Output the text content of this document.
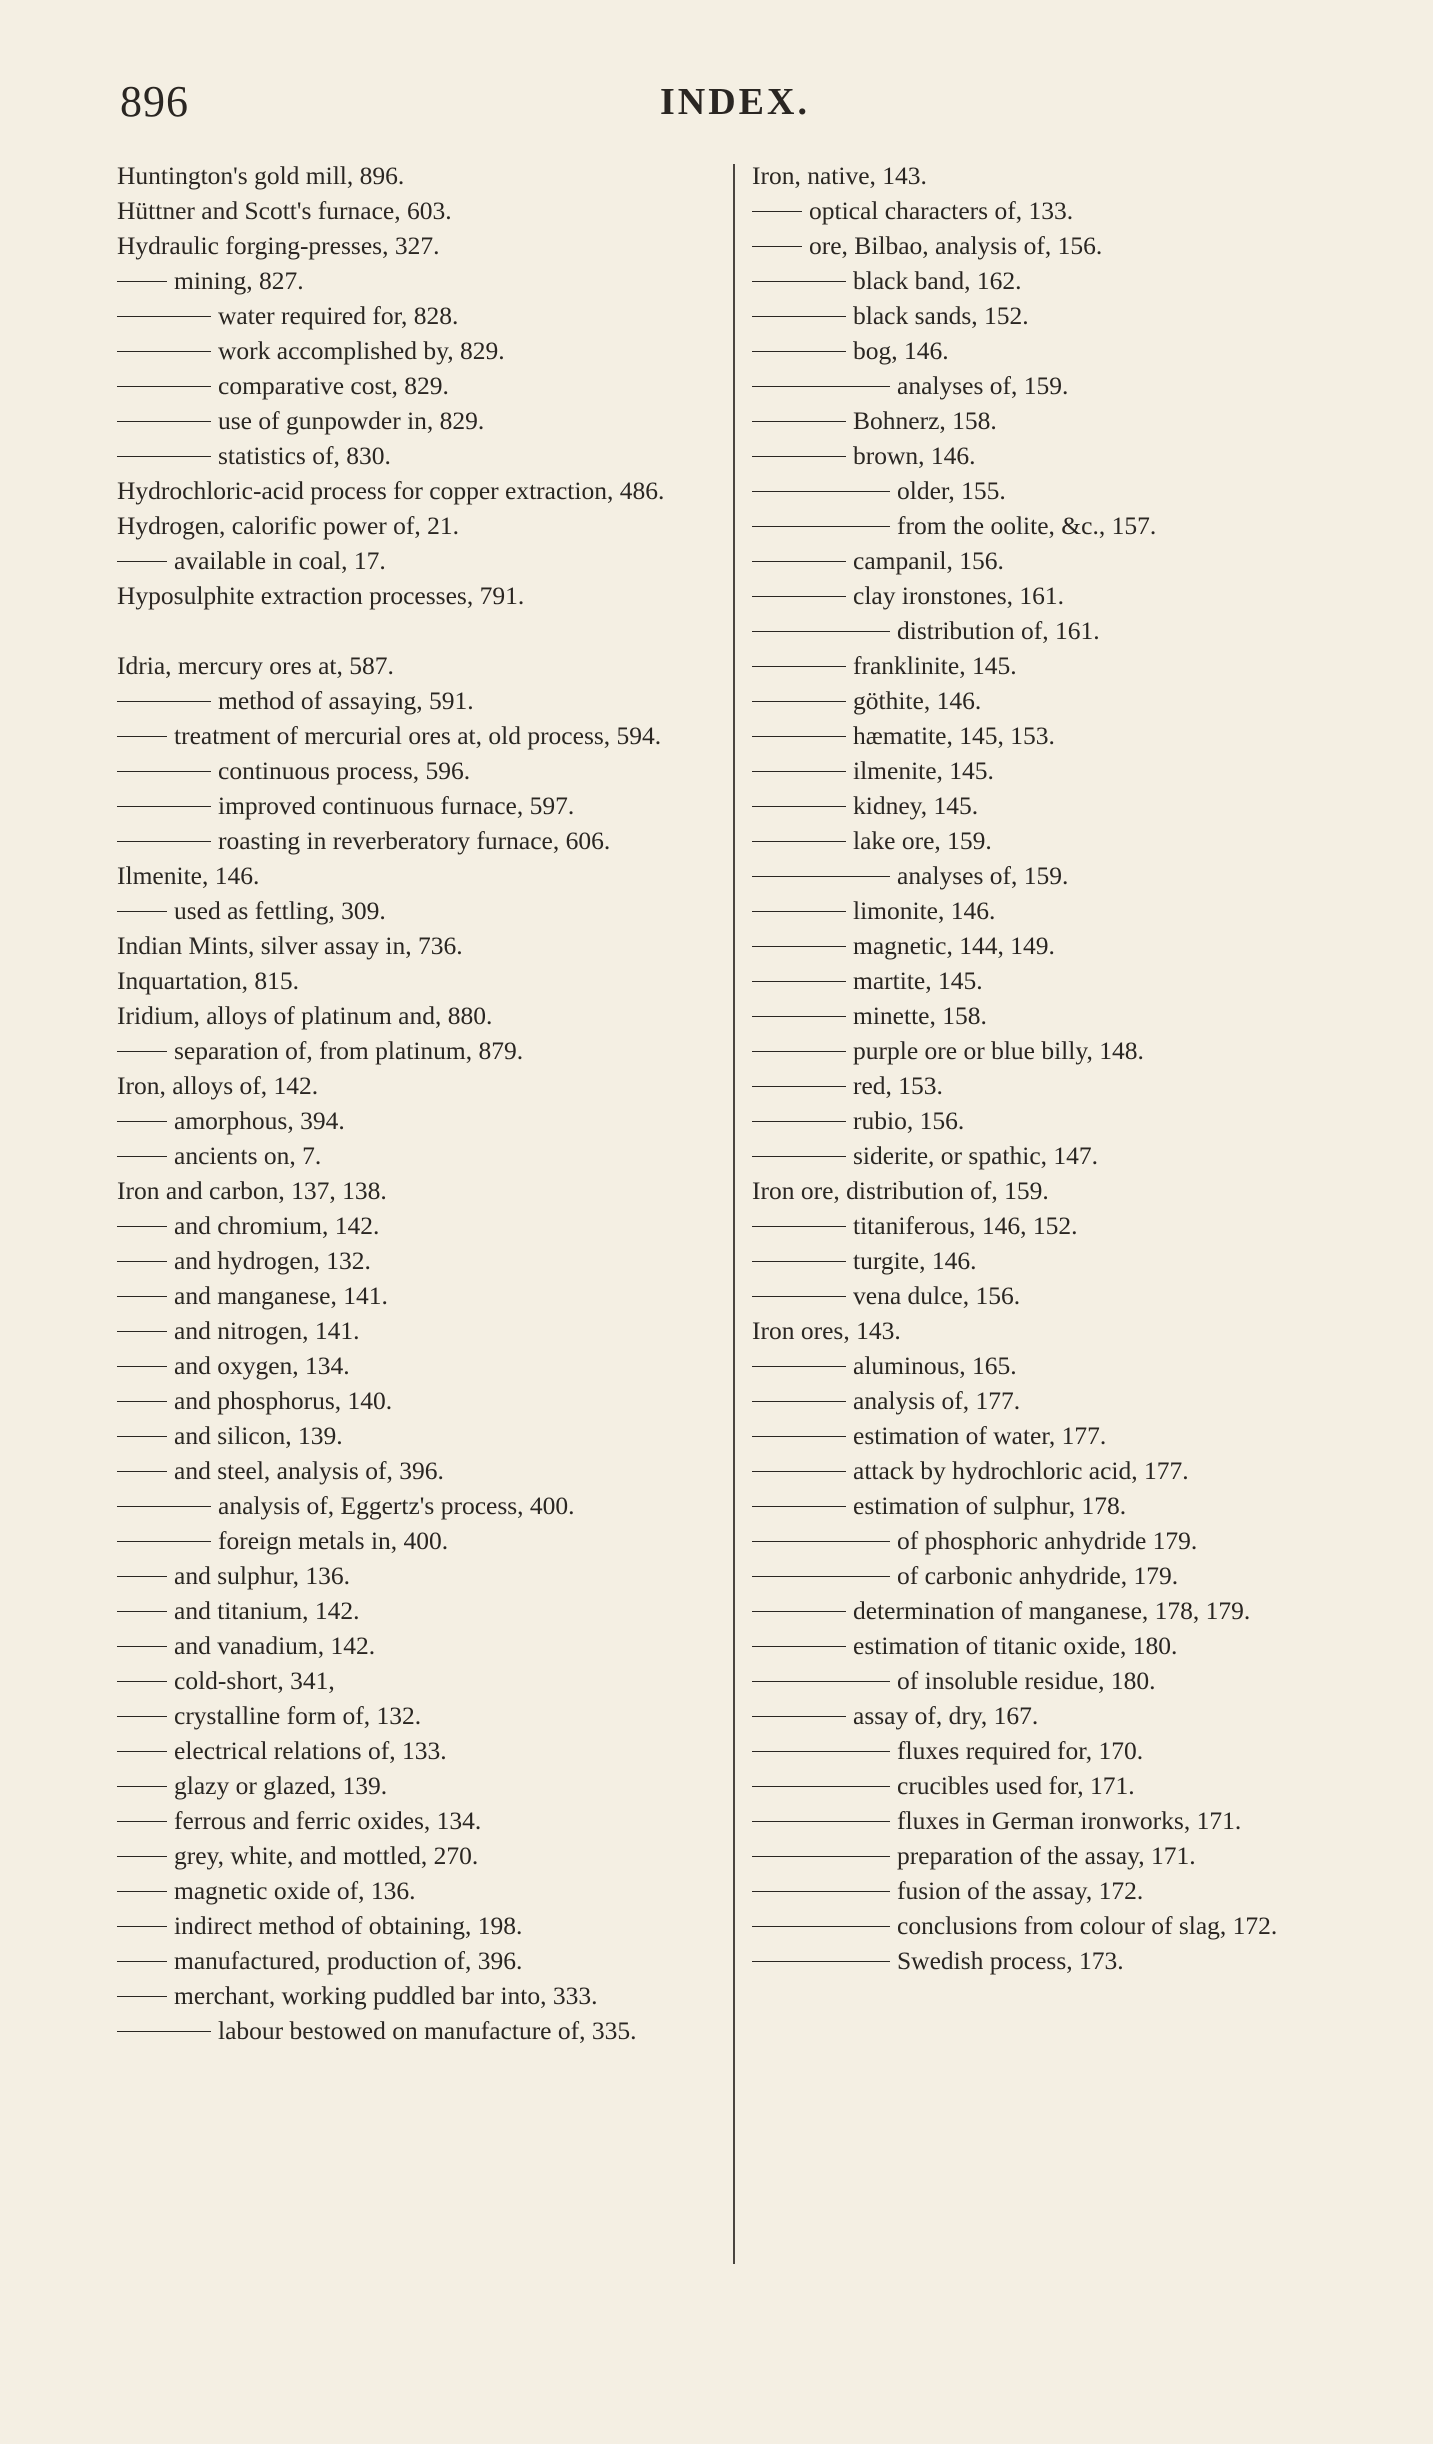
896	INDEX.
Huntington's gold mill, 896.
Hüttner and Scott's furnace, 603.
Hydraulic forging-presses, 327.
mining, 827.
water required for, 828.
work accomplished by, 829.
comparative cost, 829.
use of gunpowder in, 829.
statistics of, 830.
Hydrochloric-acid process for copper extraction, 486.
Hydrogen, calorific power of, 21.
available in coal, 17.
Hyposulphite extraction processes, 791.
Idria, mercury ores at, 587.
method of assaying, 591.
treatment of mercurial ores at, old process, 594.
continuous process, 596.
improved continuous furnace, 597.
roasting in reverberatory furnace, 606.
Ilmenite, 146.
used as fettling, 309.
Indian Mints, silver assay in, 736.
Inquartation, 815.
Iridium, alloys of platinum and, 880.
separation of, from platinum, 879.
Iron, alloys of, 142.
amorphous, 394.
ancients on, 7.
Iron and carbon, 137, 138.
and chromium, 142.
and hydrogen, 132.
and manganese, 141.
and nitrogen, 141.
and oxygen, 134.
and phosphorus, 140.
and silicon, 139.
and steel, analysis of, 396.
analysis of, Eggertz's process, 400.
foreign metals in, 400.
and sulphur, 136.
and titanium, 142.
and vanadium, 142.
cold-short, 341,
crystalline form of, 132.
electrical relations of, 133.
glazy or glazed, 139.
ferrous and ferric oxides, 134.
grey, white, and mottled, 270.
magnetic oxide of, 136.
indirect method of obtaining, 198.
manufactured, production of, 396.
merchant, working puddled bar into, 333.
labour bestowed on manufacture of, 335.
Iron, native, 143.
optical characters of, 133.
ore, Bilbao, analysis of, 156.
black band, 162.
black sands, 152.
bog, 146.
analyses of, 159.
Bohnerz, 158.
brown, 146.
older, 155.
from the oolite, &c., 157.
campanil, 156.
clay ironstones, 161.
distribution of, 161.
franklinite, 145.
göthite, 146.
hæmatite, 145, 153.
ilmenite, 145.
kidney, 145.
lake ore, 159.
analyses of, 159.
limonite, 146.
magnetic, 144, 149.
martite, 145.
minette, 158.
purple ore or blue billy, 148.
red, 153.
rubio, 156.
siderite, or spathic, 147.
Iron ore, distribution of, 159.
titaniferous, 146, 152.
turgite, 146.
vena dulce, 156.
Iron ores, 143.
aluminous, 165.
analysis of, 177.
estimation of water, 177.
attack by hydrochloric acid, 177.
estimation of sulphur, 178.
of phosphoric anhydride 179.
of carbonic anhydride, 179.
determination of manganese, 178, 179.
estimation of titanic oxide, 180.
of insoluble residue, 180.
assay of, dry, 167.
fluxes required for, 170.
crucibles used for, 171.
fluxes in German ironworks, 171.
preparation of the assay, 171.
fusion of the assay, 172.
conclusions from colour of slag, 172.
Swedish process, 173.
